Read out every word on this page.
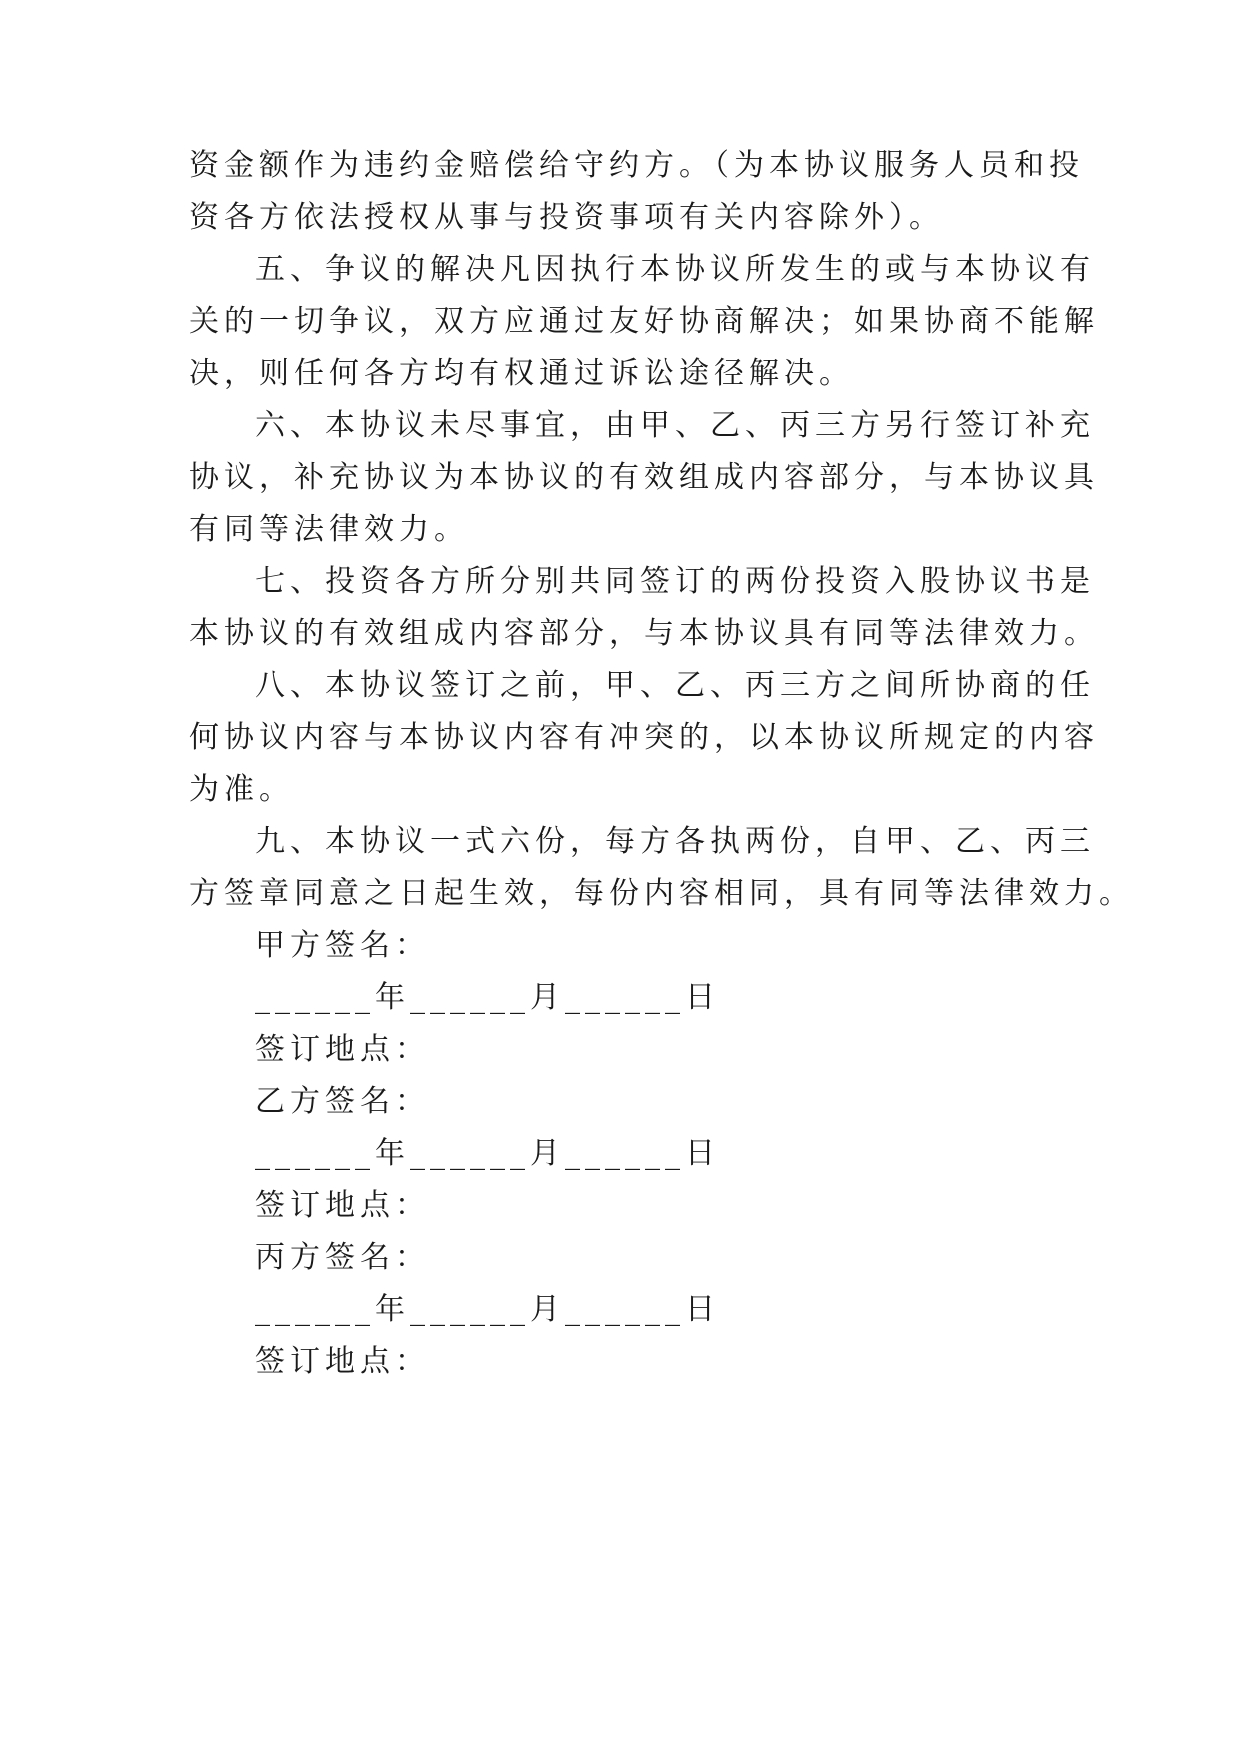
资金额作为违约金赔偿给守约方。（为本协议服务人员和投
资各方依法授权从事与投资事项有关内容除外）。
五、争议的解决凡因执行本协议所发生的或与本协议有
关的一切争议，双方应通过友好协商解决；如果协商不能解
决，则任何各方均有权通过诉讼途径解决。
六、本协议未尽事宜，由甲、乙、丙三方另行签订补充
协议，补充协议为本协议的有效组成内容部分，与本协议具
有同等法律效力。
七、投资各方所分别共同签订的两份投资入股协议书是
本协议的有效组成内容部分，与本协议具有同等法律效力。
八、本协议签订之前，甲、乙、丙三方之间所协商的任
何协议内容与本协议内容有冲突的，以本协议所规定的内容
为准。
九、本协议一式六份，每方各执两份，自甲、乙、丙三
方签章同意之日起生效，每份内容相同，具有同等法律效力。
甲方签名：
______年______月______日
签订地点：
乙方签名：
______年______月______日
签订地点：
丙方签名：
______年______月______日
签订地点：
